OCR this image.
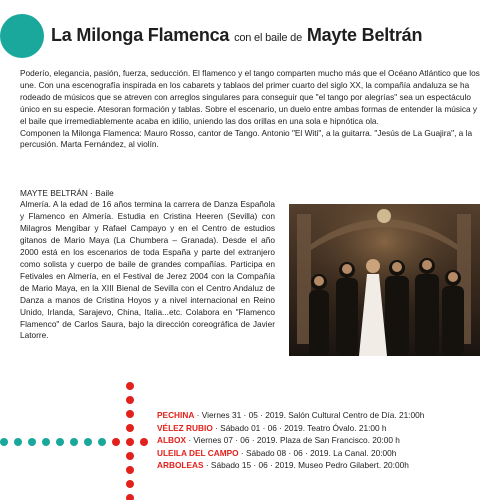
La Milonga Flamenca con el baile de Mayte Beltrán

Poderío, elegancia, pasión, fuerza, seducción. El flamenco y el tango comparten mucho más que el Océano Atlántico que los une. Con una escenografía inspirada en los cabarets y tablaos del primer cuarto del siglo XX, la compañía andaluza se ha rodeado de músicos que se atreven con arreglos singulares para conseguir que "el tango por alegrías" sea un espectáculo único en su especie. Atesoran formación y tablas. Sobre el escenario, un duelo entre ambas formas de entender la música y el baile que irremediablemente acaba en idilio, uniendo las dos orillas en una sola e hipnótica ola.

Componen la Milonga Flamenca: Mauro Rosso, cantor de Tango. Antonio "El Witi", a la guitarra. "Jesús de La Guajira", a la percusión. Marta Fernández, al violín.

MAYTE BELTRÁN · Baile
Almería. A la edad de 16 años termina la carrera de Danza Española y Flamenco en Almería. Estudia en Cristina Heeren (Sevilla) con Milagros Mengíbar y Rafael Campayo y en el Centro de estudios gitanos de Mario Maya (La Chumbera – Granada). Desde el año 2000 está en los escenarios de toda España y parte del extranjero como solista y cuerpo de baile de grandes compañías. Participa en Fetivales en Almería, en el Festival de Jerez 2004 con la Compañía de Mario Maya, en la XIII Bienal de Sevilla con el Centro Andaluz de Danza a manos de Cristina Hoyos y a nivel internacional en Reino Unido, Irlanda, Sarajevo, China, Italia...etc. Colabora en "Flamenco Flamenco" de Carlos Saura, bajo la dirección coreográfica de Javier Latorre.
PECHINA · Viernes 31 · 05 · 2019. Salón Cultural Centro de Día. 21:00h
VÉLEZ RUBIO · Sábado 01 · 06 · 2019. Teatro Óvalo. 21:00 h
ALBOX · Viernes 07 · 06 · 2019. Plaza de San Francisco. 20:00 h
ULEILA DEL CAMPO · Sábado 08 · 06 · 2019. La Canal. 20:00h
ARBOLEAS · Sábado 15 · 06 · 2019. Museo Pedro Gilabert. 20:00h
